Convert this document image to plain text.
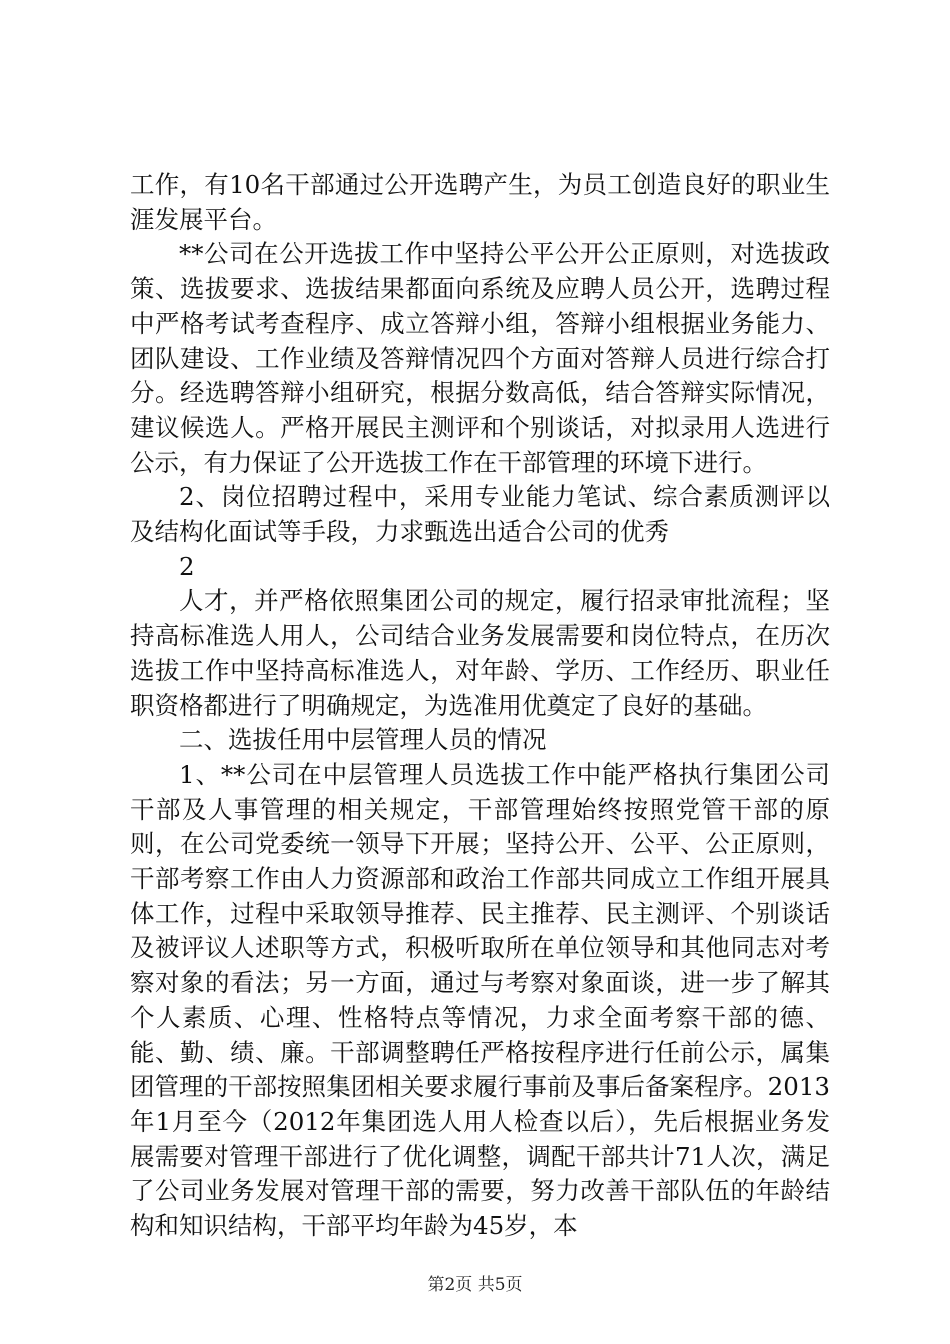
工作，有10名干部通过公开选聘产生，为员工创造良好的职业生涯发展平台。

**公司在公开选拔工作中坚持公平公开公正原则，对选拔政策、选拔要求、选拔结果都面向系统及应聘人员公开，选聘过程中严格考试考查程序、成立答辩小组，答辩小组根据业务能力、团队建设、工作业绩及答辩情况四个方面对答辩人员进行综合打分。经选聘答辩小组研究，根据分数高低，结合答辩实际情况，建议候选人。严格开展民主测评和个别谈话，对拟录用人选进行公示，有力保证了公开选拔工作在干部管理的环境下进行。

2、岗位招聘过程中，采用专业能力笔试、综合素质测评以及结构化面试等手段，力求甄选出适合公司的优秀

2

人才，并严格依照集团公司的规定，履行招录审批流程；坚持高标准选人用人，公司结合业务发展需要和岗位特点，在历次选拔工作中坚持高标准选人，对年龄、学历、工作经历、职业任职资格都进行了明确规定，为选准用优奠定了良好的基础。

二、选拔任用中层管理人员的情况

1、**公司在中层管理人员选拔工作中能严格执行集团公司干部及人事管理的相关规定，干部管理始终按照党管干部的原则，在公司党委统一领导下开展；坚持公开、公平、公正原则，干部考察工作由人力资源部和政治工作部共同成立工作组开展具体工作，过程中采取领导推荐、民主推荐、民主测评、个别谈话及被评议人述职等方式，积极听取所在单位领导和其他同志对考察对象的看法；另一方面，通过与考察对象面谈，进一步了解其个人素质、心理、性格特点等情况，力求全面考察干部的德、能、勤、绩、廉。干部调整聘任严格按程序进行任前公示，属集团管理的干部按照集团相关要求履行事前及事后备案程序。2013年1月至今（2012年集团选人用人检查以后），先后根据业务发展需要对管理干部进行了优化调整，调配干部共计71人次，满足了公司业务发展对管理干部的需要，努力改善干部队伍的年龄结构和知识结构，干部平均年龄为45岁，本

第2页 共5页
